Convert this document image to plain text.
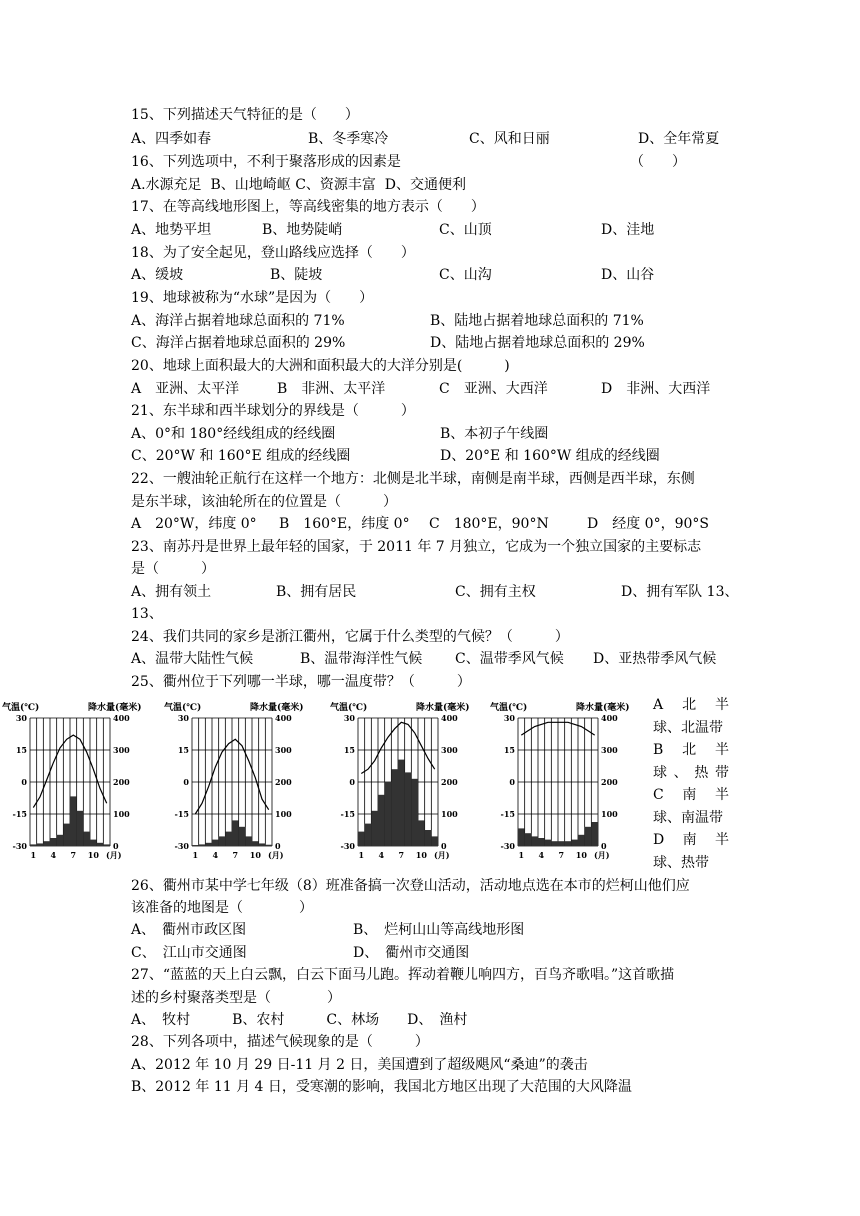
15、下列描述天气特征的是（　　）
A、四季如春	B、冬季寒冷	C、风和日丽	D、全年常夏
16、下列选项中，不利于聚落形成的因素是	（　　）
A.水源充足  B、山地崎岖 C、资源丰富  D、交通便利
17、在等高线地形图上，等高线密集的地方表示（　　）
A、地势平坦	B、地势陡峭	C、山顶	D、洼地
18、为了安全起见，登山路线应选择（　　）
A、缓坡	B、陡坡	C、山沟	D、山谷
19、地球被称为“水球”是因为（　　）
A、海洋占据着地球总面积的 71%	B、陆地占据着地球总面积的 71%
C、海洋占据着地球总面积的 29%	D、陆地占据着地球总面积的 29%
20、地球上面积最大的大洲和面积最大的大洋分别是(　　　)
A　亚洲、太平洋	B　非洲、太平洋	C　亚洲、大西洋	D　非洲、大西洋
21、东半球和西半球划分的界线是（　　　）
A、0°和 180°经线组成的经线圈	B、本初子午线圈
C、20°W 和 160°E 组成的经线圈	D、20°E 和 160°W 组成的经线圈
22、一艘油轮正航行在这样一个地方：北侧是北半球，南侧是南半球，西侧是西半球，东侧
是东半球，该油轮所在的位置是（　　　）
A　20°W，纬度 0° B　160°E，纬度 0° C　180°E，90°N	D　经度 0°，90°S
23、南苏丹是世界上最年轻的国家，于 2011 年 7 月独立，它成为一个独立国家的主要标志
是（　　　）
A、拥有领土	B、拥有居民	C、拥有主权	D、拥有军队 13、
13、
24、我们共同的家乡是浙江衢州，它属于什么类型的气候？（　　　）
A、温带大陆性气候	B、温带海洋性气候 C、温带季风气候 D、亚热带季风气候
25、衢州位于下列哪一半球，哪一温度带？（　　　）
气温(℃)	降水量(毫米)
30
15
0
-15
-30
400
300
200
100
0
1 4 7 10 (月)
气温(℃)	降水量(毫米)
30
15
0
-15
-30
400
300
200
100
0
1 4 7 10 (月)
气温(℃)	降水量(毫米)
30
15
0
-15
-30
400
300
200
100
0
1 4 7 10 (月)
气温(℃)	降水量(毫米)
30
15
0
-15
-30
400
300
200
100
0
1 4 7 10 (月)
A 北 半
球、北温带
B 北 半
球 、 热 带
C 南 半
球、南温带
D 南 半
球、热带
26、衢州市某中学七年级（8）班准备搞一次登山活动，活动地点选在本市的烂柯山他们应
该准备的地图是（　　　　）
A、　衢州市政区图	B、　烂柯山山等高线地形图
C、　江山市交通图	D、　衢州市交通图
27、“蓝蓝的天上白云飘，白云下面马儿跑。挥动着鞭儿响四方，百鸟齐歌唱。”这首歌描
述的乡村聚落类型是（　　　　）
A、　牧村　　　B、农村　　　C、林场　　D、　渔村
28、下列各项中，描述气候现象的是（　　　）
A、2012 年 10 月 29 日-11 月 2 日，美国遭到了超级飓风“桑迪”的袭击
B、2012 年 11 月 4 日，受寒潮的影响，我国北方地区出现了大范围的大风降温
